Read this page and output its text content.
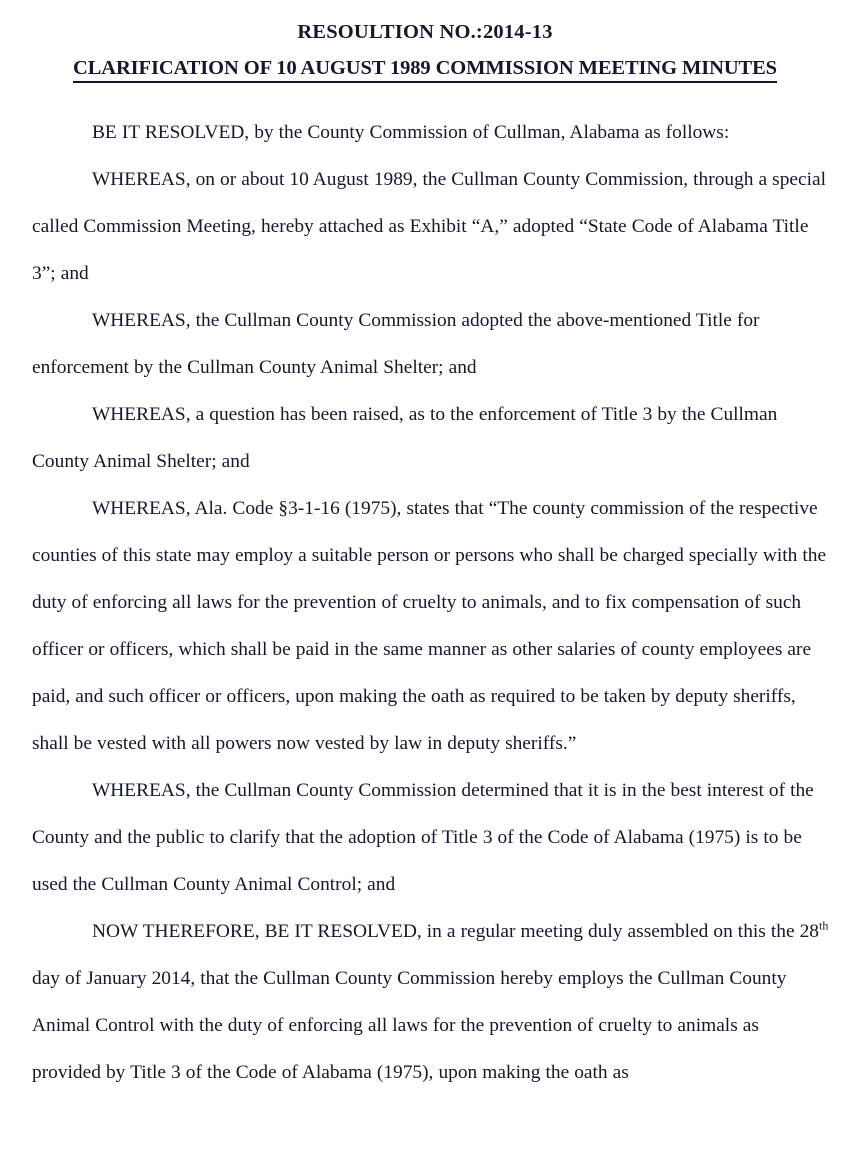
RESOULTION NO.:2014-13
CLARIFICATION OF 10 AUGUST 1989 COMMISSION MEETING MINUTES

BE IT RESOLVED, by the County Commission of Cullman, Alabama as follows:

WHEREAS, on or about 10 August 1989, the Cullman County Commission, through a special called Commission Meeting, hereby attached as Exhibit “A,” adopted “State Code of Alabama Title 3”; and

WHEREAS, the Cullman County Commission adopted the above-mentioned Title for enforcement by the Cullman County Animal Shelter; and

WHEREAS, a question has been raised, as to the enforcement of Title 3 by the Cullman County Animal Shelter; and

WHEREAS, Ala. Code §3-1-16 (1975), states that “The county commission of the respective counties of this state may employ a suitable person or persons who shall be charged specially with the duty of enforcing all laws for the prevention of cruelty to animals, and to fix compensation of such officer or officers, which shall be paid in the same manner as other salaries of county employees are paid, and such officer or officers, upon making the oath as required to be taken by deputy sheriffs, shall be vested with all powers now vested by law in deputy sheriffs.”

WHEREAS, the Cullman County Commission determined that it is in the best interest of the County and the public to clarify that the adoption of Title 3 of the Code of Alabama (1975) is to be used the Cullman County Animal Control; and

NOW THEREFORE, BE IT RESOLVED, in a regular meeting duly assembled on this the 28th day of January 2014, that the Cullman County Commission hereby employs the Cullman County Animal Control with the duty of enforcing all laws for the prevention of cruelty to animals as provided by Title 3 of the Code of Alabama (1975), upon making the oath as
